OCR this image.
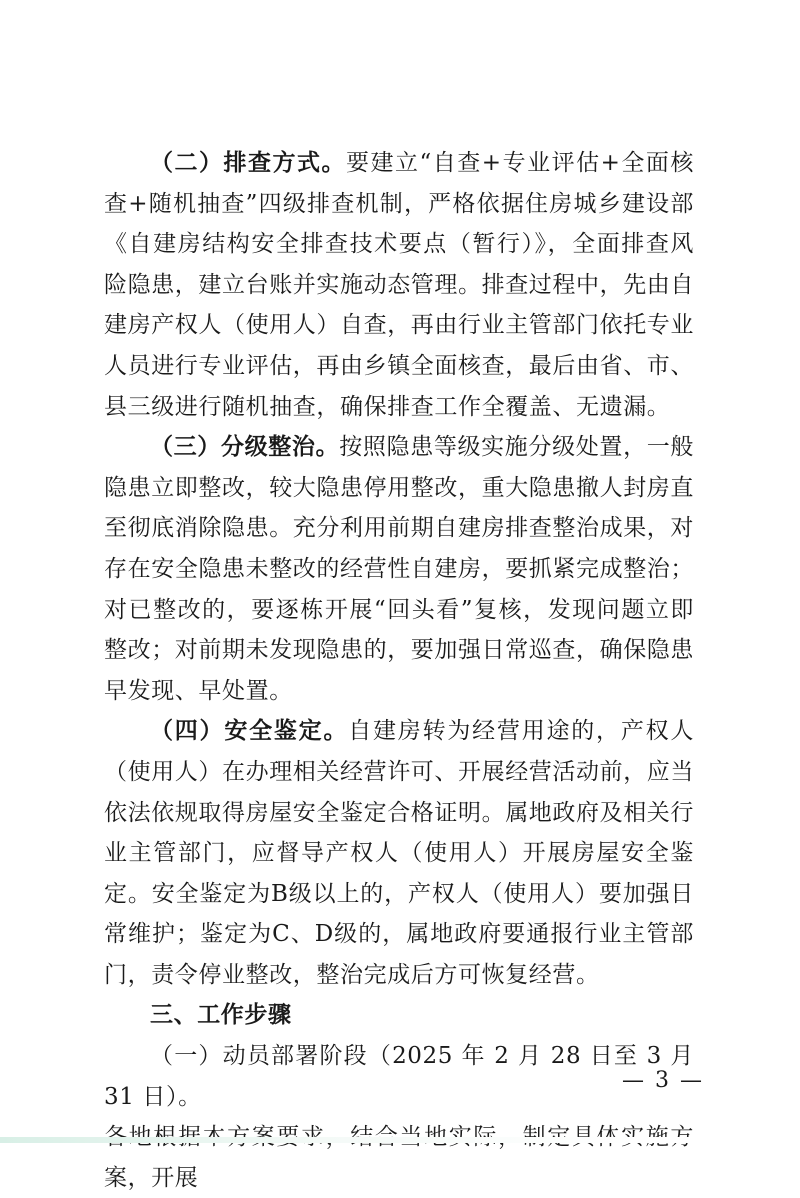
（二）排查方式。要建立“自查+专业评估+全面核查+随机抽查”四级排查机制，严格依据住房城乡建设部《自建房结构安全排查技术要点（暂行）》，全面排查风险隐患，建立台账并实施动态管理。排查过程中，先由自建房产权人（使用人）自查，再由行业主管部门依托专业人员进行专业评估，再由乡镇全面核查，最后由省、市、县三级进行随机抽查，确保排查工作全覆盖、无遗漏。

（三）分级整治。按照隐患等级实施分级处置，一般隐患立即整改，较大隐患停用整改，重大隐患撤人封房直至彻底消除隐患。充分利用前期自建房排查整治成果，对存在安全隐患未整改的经营性自建房，要抓紧完成整治；对已整改的，要逐栋开展“回头看”复核，发现问题立即整改；对前期未发现隐患的，要加强日常巡查，确保隐患早发现、早处置。

（四）安全鉴定。自建房转为经营用途的，产权人（使用人）在办理相关经营许可、开展经营活动前，应当依法依规取得房屋安全鉴定合格证明。属地政府及相关行业主管部门，应督导产权人（使用人）开展房屋安全鉴定。安全鉴定为B级以上的，产权人（使用人）要加强日常维护；鉴定为C、D级的，属地政府要通报行业主管部门，责令停业整改，整治完成后方可恢复经营。

三、工作步骤

（一）动员部署阶段（2025 年 2 月 28 日至 3 月 31 日）。

案，开展

— 3 —
